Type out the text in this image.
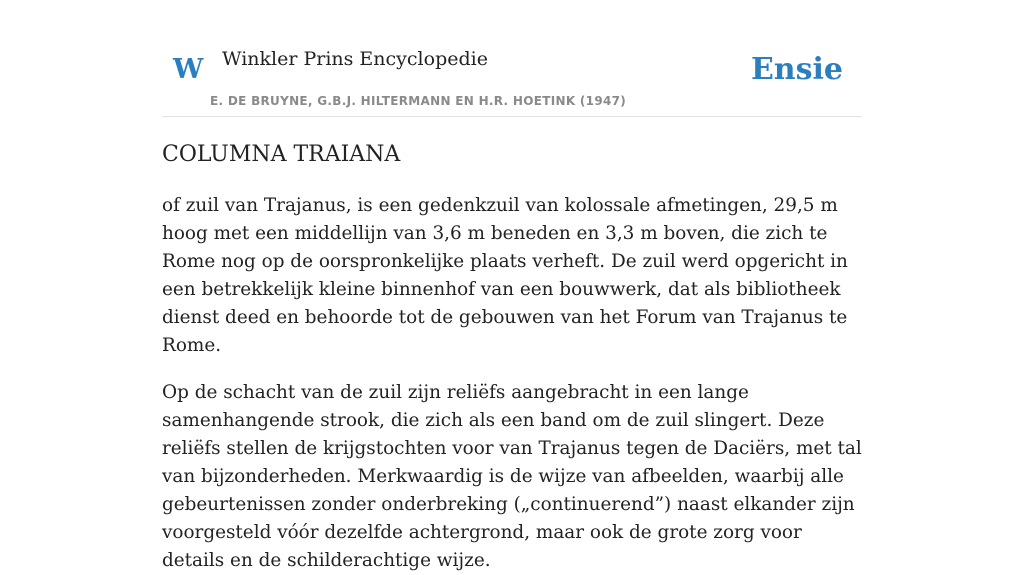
W Winkler Prins Encyclopedie
E. DE BRUYNE, G.B.J. HILTERMANN EN H.R. HOETINK (1947)
Ensie
COLUMNA TRAIANA

of zuil van Trajanus, is een gedenkzuil van kolossale afmetingen, 29,5 m hoog met een middellijn van 3,6 m beneden en 3,3 m boven, die zich te Rome nog op de oorspronkelijke plaats verheft. De zuil werd opgericht in een betrekkelijk kleine binnenhof van een bouwwerk, dat als bibliotheek dienst deed en behoorde tot de gebouwen van het Forum van Trajanus te Rome.

Op de schacht van de zuil zijn reliëfs aangebracht in een lange samenhangende strook, die zich als een band om de zuil slingert. Deze reliëfs stellen de krijgstochten voor van Trajanus tegen de Daciërs, met tal van bijzonderheden. Merkwaardig is de wijze van afbeelden, waarbij alle gebeurtenissen zonder onderbreking („continuerend”) naast elkander zijn voorgesteld vóór dezelfde achtergrond, maar ook de grote zorg voor details en de schilderachtige wijze.
